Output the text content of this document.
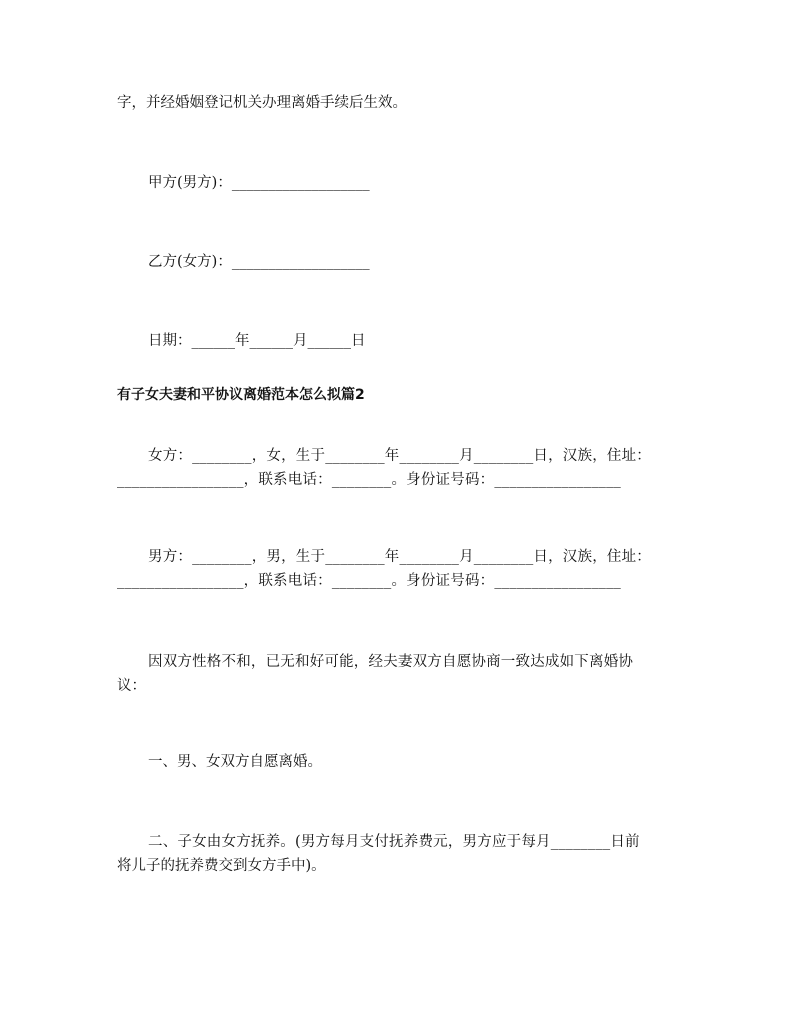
字，并经婚姻登记机关办理离婚手续后生效。
甲方(男方)：___________________
乙方(女方)：___________________
日期：______年______月______日
有子女夫妻和平协议离婚范本怎么拟篇2
女方：________，女，生于________年________月________日，汉族，住址：
_________________，联系电话：________。身份证号码：_________________
男方：________，男，生于________年________月________日，汉族，住址：
_________________，联系电话：________。身份证号码：_________________
因双方性格不和，已无和好可能，经夫妻双方自愿协商一致达成如下离婚协
议：
一、男、女双方自愿离婚。
二、子女由女方抚养。(男方每月支付抚养费元，男方应于每月________日前
将儿子的抚养费交到女方手中)。
